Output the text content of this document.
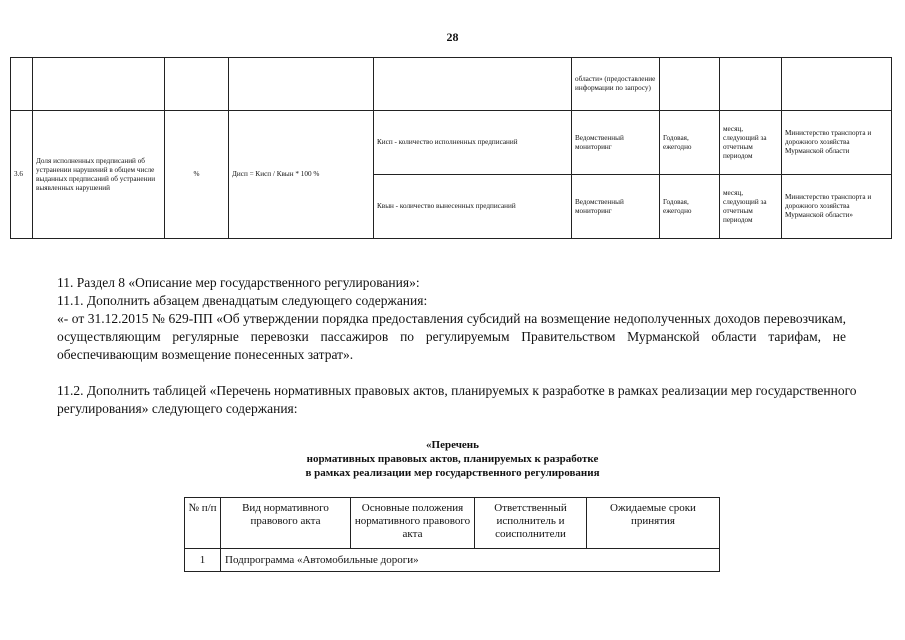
28
					области» (предоставление информации по запросу)			
3.6	Доля исполненных предписаний об устранении нарушений в общем числе выданных предписаний об устранении выявленных нарушений	%	Дисп = Кисп / Квын * 100 %	Кисп - количество исполненных предписаний	Ведомственный мониторинг	Годовая, ежегодно	месяц, следующий за отчетным периодом	Министерство транспорта и дорожного хозяйства Мурманской области
				Квын - количество вынесенных предписаний	Ведомственный мониторинг	Годовая, ежегодно	месяц, следующий за отчетным периодом	Министерство транспорта и дорожного хозяйства Мурманской области»
11. Раздел 8 «Описание мер государственного регулирования»:
11.1. Дополнить абзацем двенадцатым следующего содержания:
«- от 31.12.2015 № 629-ПП «Об утверждении порядка предоставления субсидий на возмещение недополученных доходов перевозчикам, осуществляющим регулярные перевозки пассажиров по регулируемым Правительством Мурманской области тарифам, не обеспечивающим возмещение понесенных затрат».
11.2. Дополнить таблицей «Перечень нормативных правовых актов, планируемых к разработке в рамках реализации мер государственного регулирования» следующего содержания:
«Перечень
нормативных правовых актов, планируемых к разработке
в рамках реализации мер государственного регулирования
№ п/п	Вид нормативного правового акта	Основные положения нормативного правового акта	Ответственный исполнитель и соисполнители	Ожидаемые сроки принятия
1	Подпрограмма «Автомобильные дороги»			
